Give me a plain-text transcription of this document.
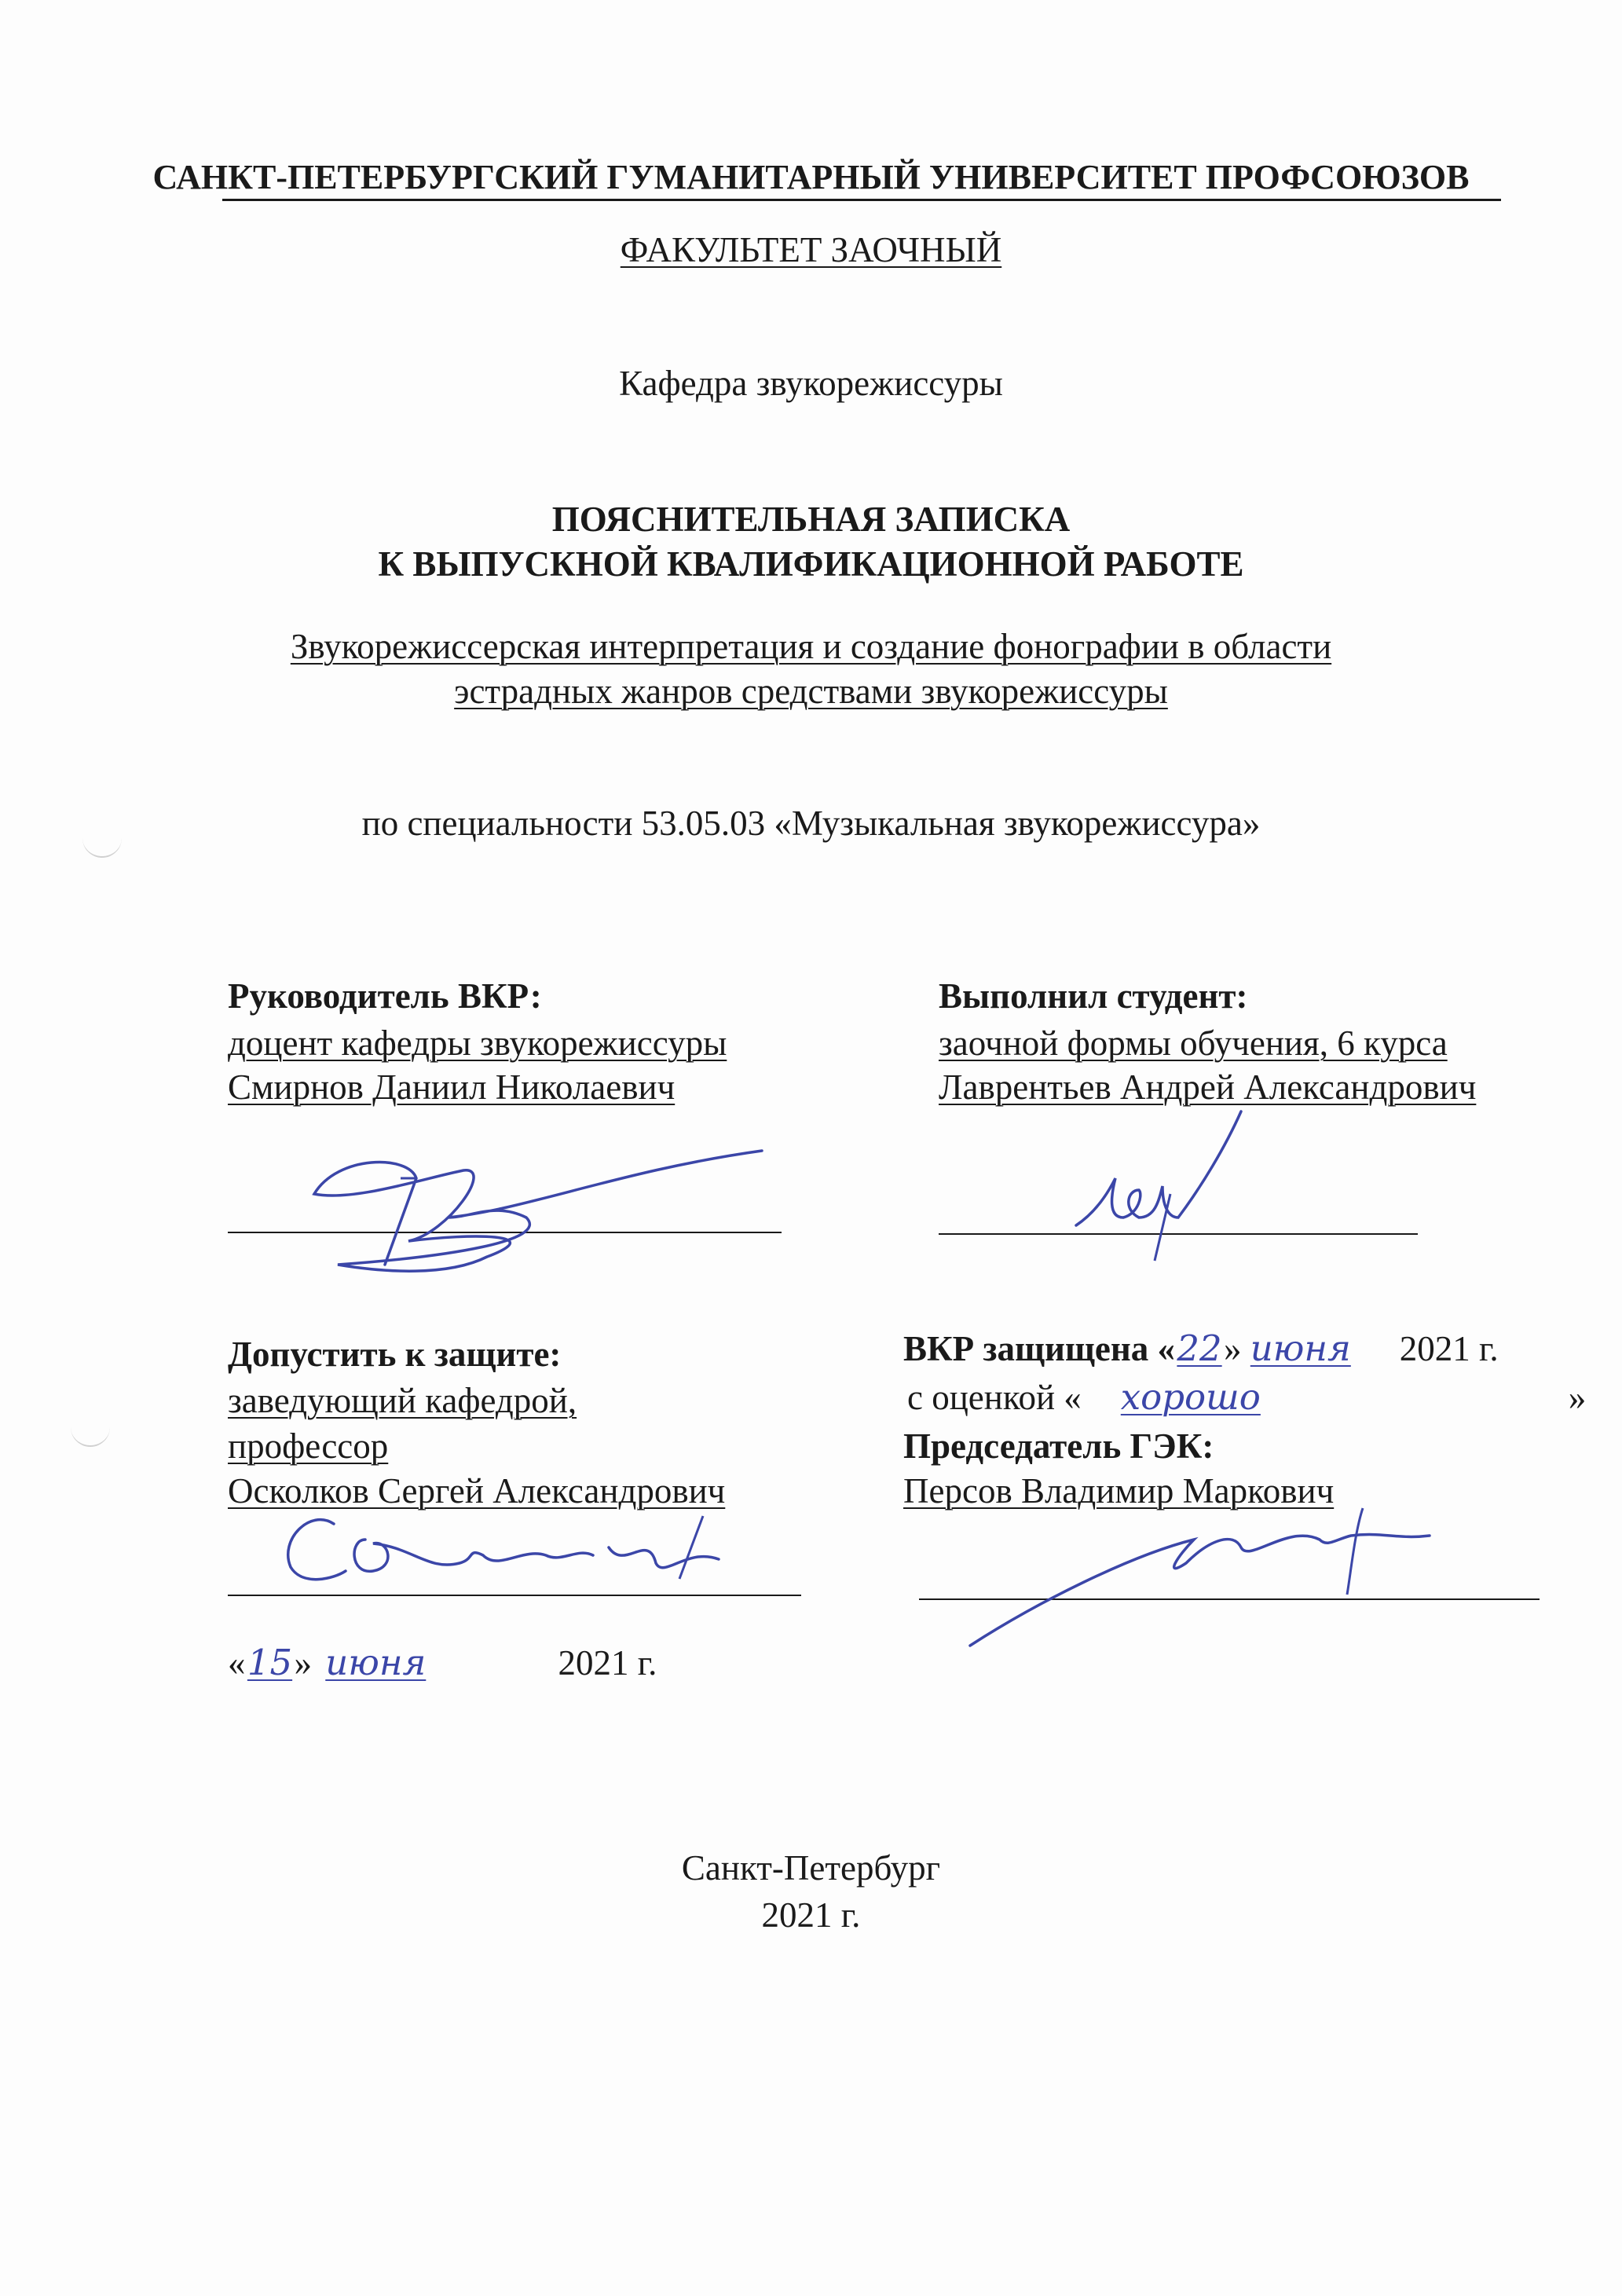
САНКТ-ПЕТЕРБУРГСКИЙ ГУМАНИТАРНЫЙ УНИВЕРСИТЕТ ПРОФСОЮЗОВ
ФАКУЛЬТЕТ ЗАОЧНЫЙ
Кафедра звукорежиссуры
ПОЯСНИТЕЛЬНАЯ ЗАПИСКА
К ВЫПУСКНОЙ КВАЛИФИКАЦИОННОЙ РАБОТЕ
Звукорежиссерская интерпретация и создание фонографии в области
эстрадных жанров средствами звукорежиссуры
по специальности 53.05.03 «Музыкальная звукорежиссура»
Руководитель ВКР:
доцент кафедры звукорежиссуры
Смирнов Даниил Николаевич
Выполнил студент:
заочной формы обучения, 6 курса
Лаврентьев Андрей Александрович
Допустить к защите:
заведующий кафедрой,
профессор
Осколков Сергей Александрович
«15» июня	2021 г.
ВКР защищена «22» июня 2021 г.
с оценкой « хорошо	»
Председатель ГЭК:
Персов Владимир Маркович
Санкт-Петербург
2021 г.
